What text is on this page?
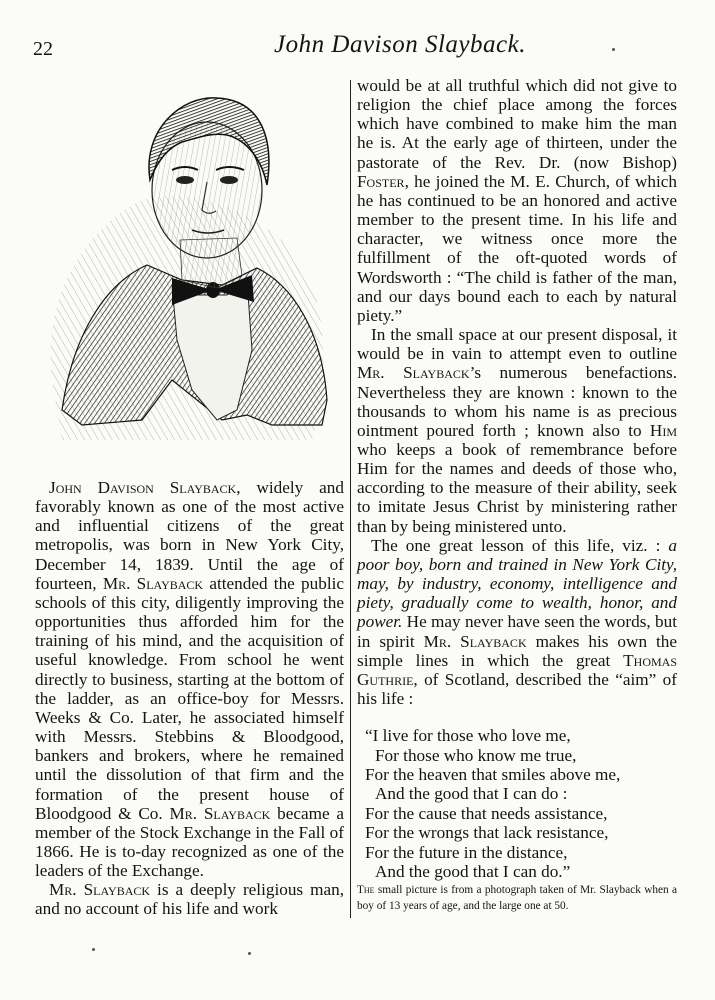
22	John Davison Slayback.

John Davison Slayback, widely and favorably known as one of the most active and influential citizens of the great metropolis, was born in New York City, December 14, 1839. Until the age of fourteen, Mr. Slayback attended the public schools of this city, diligently improving the opportunities thus afforded him for the training of his mind, and the acquisition of useful knowledge. From school he went directly to business, starting at the bottom of the ladder, as an office-boy for Messrs. Weeks & Co. Later, he associated himself with Messrs. Stebbins & Bloodgood, bankers and brokers, where he remained until the dissolution of that firm and the formation of the present house of Bloodgood & Co. Mr. Slayback became a member of the Stock Exchange in the Fall of 1866. He is to-day recognized as one of the leaders of the Exchange.

Mr. Slayback is a deeply religious man, and no account of his life and work

would be at all truthful which did not give to religion the chief place among the forces which have combined to make him the man he is. At the early age of thirteen, under the pastorate of the Rev. Dr. (now Bishop) Foster, he joined the M. E. Church, of which he has continued to be an honored and active member to the present time. In his life and character, we witness once more the fulfillment of the oft-quoted words of Wordsworth : “The child is father of the man, and our days bound each to each by natural piety.”

In the small space at our present disposal, it would be in vain to attempt even to outline Mr. Slayback’s numerous benefactions. Nevertheless they are known : known to the thousands to whom his name is as precious ointment poured forth ; known also to Him who keeps a book of remembrance before Him for the names and deeds of those who, according to the measure of their ability, seek to imitate Jesus Christ by ministering rather than by being ministered unto.

The one great lesson of this life, viz. : a poor boy, born and trained in New York City, may, by industry, economy, intelligence and piety, gradually come to wealth, honor, and power. He may never have seen the words, but in spirit Mr. Slayback makes his own the simple lines in which the great Thomas Guthrie, of Scotland, described the “aim” of his life :

“I live for those who love me,
For those who know me true,
For the heaven that smiles above me,
And the good that I can do :
For the cause that needs assistance,
For the wrongs that lack resistance,
For the future in the distance,
And the good that I can do.”
The small picture is from a photograph taken of Mr. Slayback when a boy of 13 years of age, and the large one at 50.
